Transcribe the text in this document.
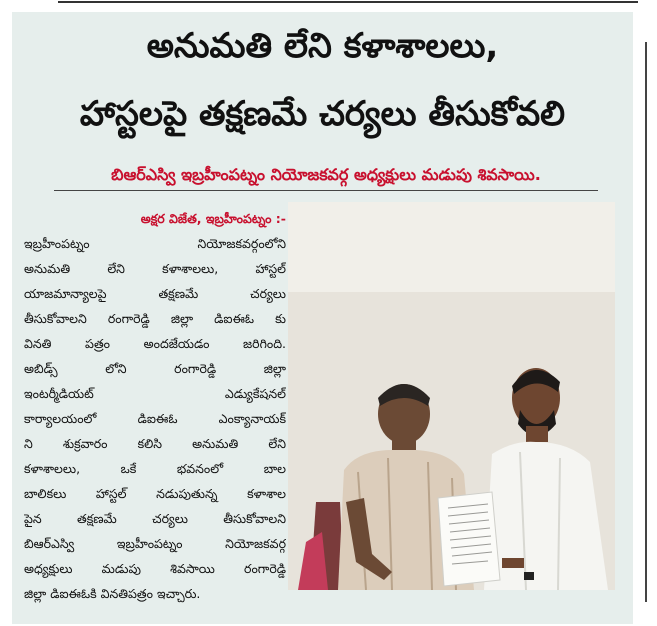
అనుమతి లేని కళాశాలలు,
హాస్టలపై తక్షణమే చర్యలు తీసుకోవలి
బిఆర్ఎస్వి ఇబ్రహీంపట్నం నియోజకవర్గ అధ్యక్షులు మడుపు శివసాయి.
అక్షర విజేత, ఇబ్రహీంపట్నం :-
ఇబ్రహీంపట్నం నియోజకవర్గంలోని
అనుమతి లేని కళాశాలలు, హాస్టల్
యాజమాన్యాలపై తక్షణమే చర్యలు
తీసుకోవాలని రంగారెడ్డి జిల్లా డిఐఈఓ కు
వినతి పత్రం అందజేయడం జరిగింది.
అబిడ్స్ లోని రంగారెడ్డి జిల్లా
ఇంటర్మీడియట్ ఎడ్యుకేషనల్
కార్యాలయంలో డిఐఈఓ ఎంక్యానాయక్
ని శుక్రవారం కలిసి అనుమతి లేని
కళాశాలలు, ఒకే భవనంలో బాల
బాలికలు హాస్టల్ నడుపుతున్న కళాశాల
పైన తక్షణమే చర్యలు తీసుకోవాలని
బిఆర్ఎస్వి ఇబ్రహీంపట్నం నియోజకవర్గ
అధ్యక్షులు మడుపు శివసాయి రంగారెడ్డి
జిల్లా డిఐఈఓకి వినతిపత్రం ఇచ్చారు.
